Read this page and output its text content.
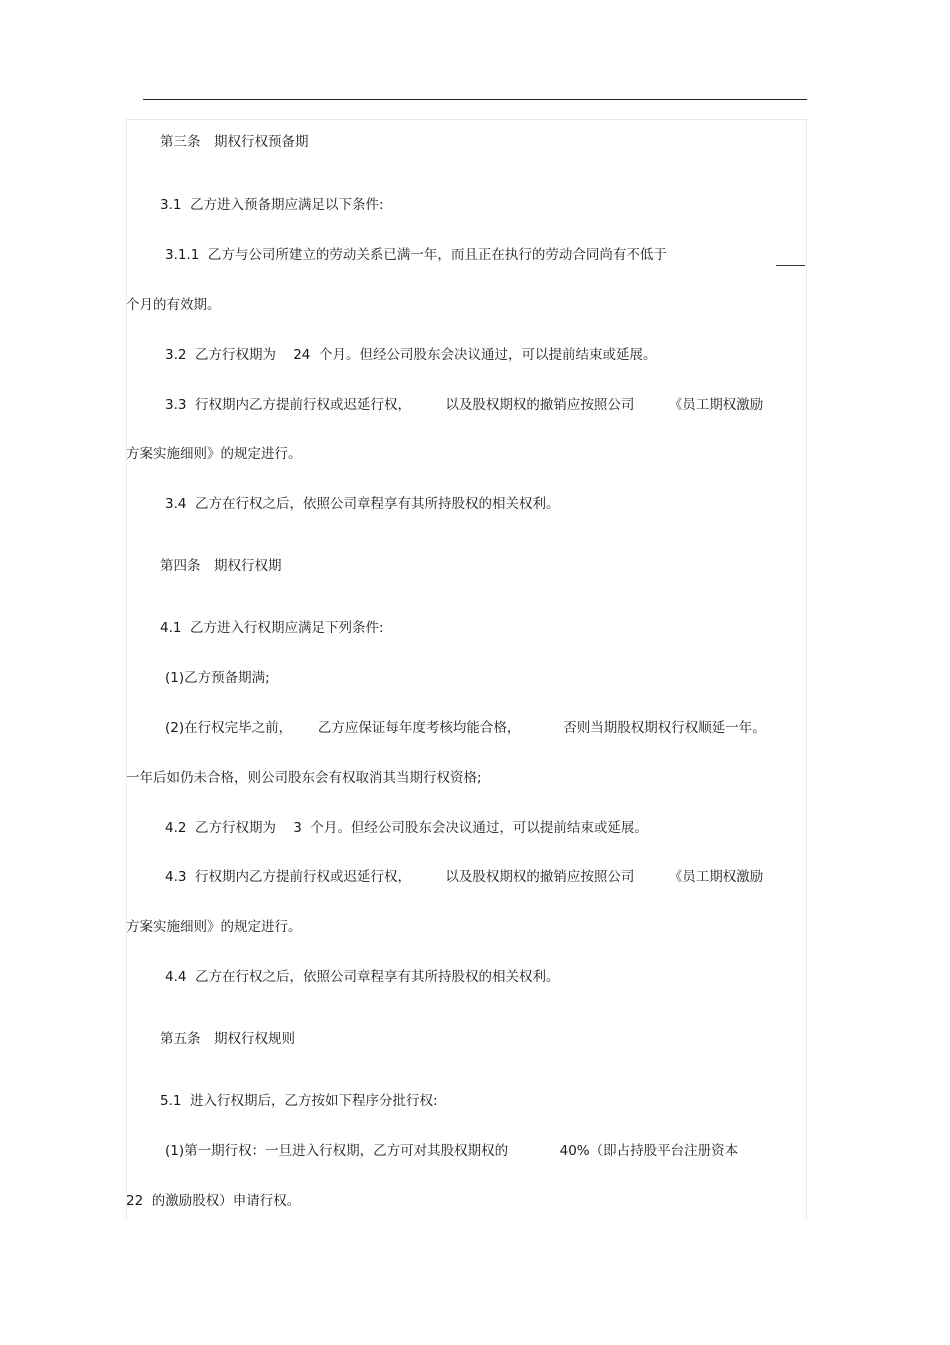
第三条　期权行权预备期
3.1  乙方进入预备期应满足以下条件:
3.1.1  乙方与公司所建立的劳动关系已满一年，而且正在执行的劳动合同尚有不低于
个月的有效期。
3.2  乙方行权期为    24  个月。但经公司股东会决议通过，可以提前结束或延展。
3.3  行权期内乙方提前行权或迟延行权，        以及股权期权的撤销应按照公司        《员工期权激励
方案实施细则》的规定进行。
3.4  乙方在行权之后，依照公司章程享有其所持股权的相关权利。
第四条　期权行权期
4.1  乙方进入行权期应满足下列条件:
(1)乙方预备期满;
(2)在行权完毕之前，      乙方应保证每年度考核均能合格，          否则当期股权期权行权顺延一年。
一年后如仍未合格，则公司股东会有权取消其当期行权资格;
4.2  乙方行权期为    3  个月。但经公司股东会决议通过，可以提前结束或延展。
4.3  行权期内乙方提前行权或迟延行权，        以及股权期权的撤销应按照公司        《员工期权激励
方案实施细则》的规定进行。
4.4  乙方在行权之后，依照公司章程享有其所持股权的相关权利。
第五条　期权行权规则
5.1  进入行权期后，乙方按如下程序分批行权:
(1)第一期行权：一旦进入行权期，乙方可对其股权期权的            40%（即占持股平台注册资本
22  的激励股权）申请行权。
